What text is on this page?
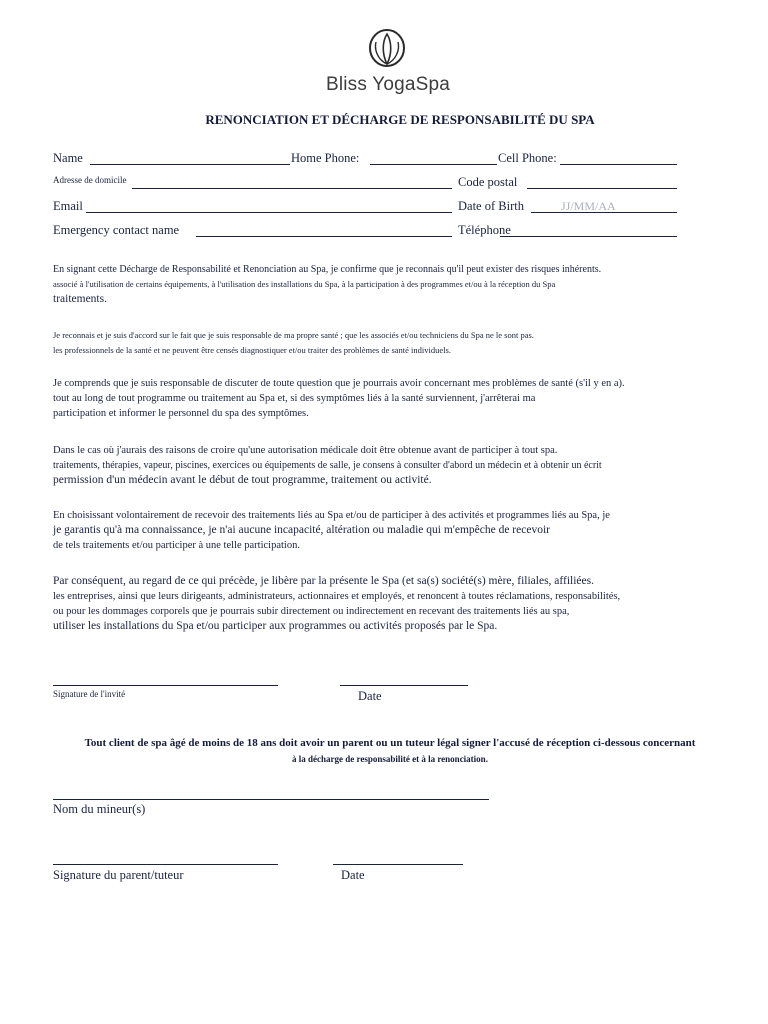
Bliss YogaSpa
RENONCIATION ET DÉCHARGE DE RESPONSABILITÉ DU SPA
Name	Home Phone:	Cell Phone:
Adresse de domicile	Code postal
Email	Date of Birth	JJ/MM/AA
Emergency contact name	Téléphone

En signant cette Décharge de Responsabilité et Renonciation au Spa, je confirme que je reconnais qu'il peut exister des risques inhérents.

associé à l'utilisation de certains équipements, à l'utilisation des installations du Spa, à la participation à des programmes et/ou à la réception du Spa

traitements.

Je reconnais et je suis d'accord sur le fait que je suis responsable de ma propre santé ; que les associés et/ou techniciens du Spa ne le sont pas.

les professionnels de la santé et ne peuvent être censés diagnostiquer et/ou traiter des problèmes de santé individuels.

Je comprends que je suis responsable de discuter de toute question que je pourrais avoir concernant mes problèmes de santé (s'il y en a).

tout au long de tout programme ou traitement au Spa et, si des symptômes liés à la santé surviennent, j'arrêterai ma

participation et informer le personnel du spa des symptômes.

Dans le cas où j'aurais des raisons de croire qu'une autorisation médicale doit être obtenue avant de participer à tout spa.

traitements, thérapies, vapeur, piscines, exercices ou équipements de salle, je consens à consulter d'abord un médecin et à obtenir un écrit

permission d'un médecin avant le début de tout programme, traitement ou activité.

En choisissant volontairement de recevoir des traitements liés au Spa et/ou de participer à des activités et programmes liés au Spa, je

je garantis qu'à ma connaissance, je n'ai aucune incapacité, altération ou maladie qui m'empêche de recevoir

de tels traitements et/ou participer à une telle participation.

Par conséquent, au regard de ce qui précède, je libère par la présente le Spa (et sa(s) société(s) mère, filiales, affiliées.

les entreprises, ainsi que leurs dirigeants, administrateurs, actionnaires et employés, et renoncent à toutes réclamations, responsabilités,

ou pour les dommages corporels que je pourrais subir directement ou indirectement en recevant des traitements liés au spa,

utiliser les installations du Spa et/ou participer aux programmes ou activités proposés par le Spa.

Signature de l'invité	Date
Tout client de spa âgé de moins de 18 ans doit avoir un parent ou un tuteur légal signer l'accusé de réception ci-dessous concernant
à la décharge de responsabilité et à la renonciation.
Nom du mineur(s)
Signature du parent/tuteur	Date
